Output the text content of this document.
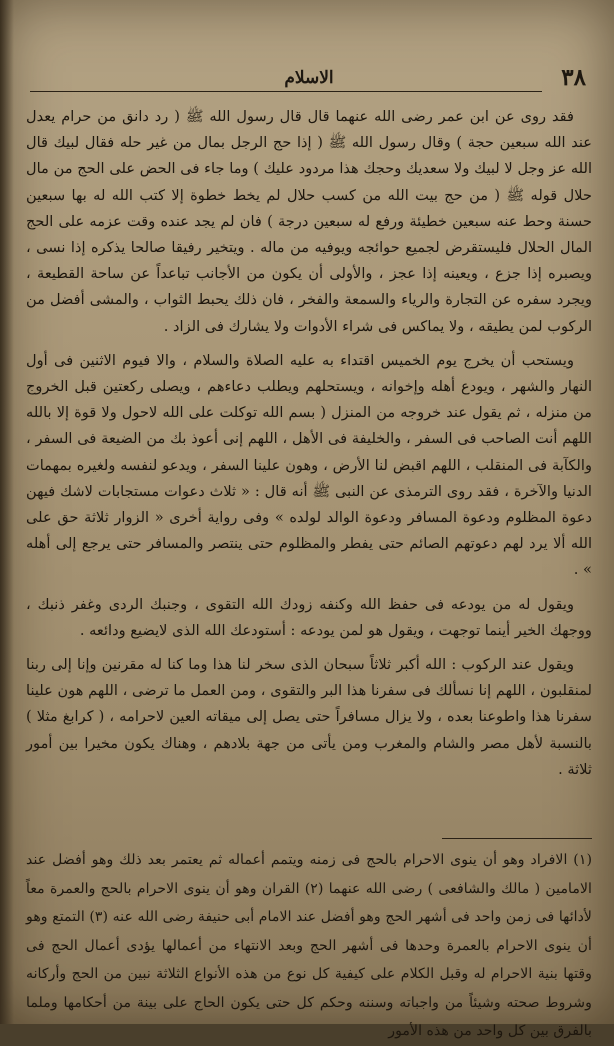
٣٨
الاسلام

فقد روى عن ابن عمر رضى الله عنهما قال قال رسول الله ﷺ ( رد دانق من حرام يعدل عند الله سبعين حجة ) وقال رسول الله ﷺ ( إذا حج الرجل بمال من غير حله فقال لبيك قال الله عز وجل لا لبيك ولا سعديك وحجك هذا مردود عليك ) وما جاء فى الحض على الحج من مال حلال قوله ﷺ ( من حج بيت الله من كسب حلال لم يخط خطوة إلا كتب الله له بها سبعين حسنة وحط عنه سبعين خطيئة ورفع له سبعين درجة ) فان لم يجد عنده وقت عزمه على الحج المال الحلال فليستقرض لجميع حوائجه ويوفيه من ماله . ويتخير رفيقا صالحا يذكره إذا نسى ، ويصبره إذا جزع ، ويعينه إذا عجز ، والأولى أن يكون من الأجانب تباعداً عن ساحة القطيعة ، ويجرد سفره عن التجارة والرياء والسمعة والفخر ، فان ذلك يحبط الثواب ، والمشى أفضل من الركوب لمن يطيقه ، ولا يماكس فى شراء الأدوات ولا يشارك فى الزاد .

ويستحب أن يخرج يوم الخميس اقتداء به عليه الصلاة والسلام ، والا فيوم الاثنين فى أول النهار والشهر ، ويودع أهله وإخوانه ، ويستحلهم ويطلب دعاءهم ، ويصلى ركعتين قبل الخروج من منزله ، ثم يقول عند خروجه من المنزل ( بسم الله توكلت على الله لاحول ولا قوة إلا بالله اللهم أنت الصاحب فى السفر ، والخليفة فى الأهل ، اللهم إنى أعوذ بك من الضيعة فى السفر ، والكآبة فى المنقلب ، اللهم اقبض لنا الأرض ، وهون علينا السفر ، ويدعو لنفسه ولغيره بمهمات الدنيا والآخرة ، فقد روى الترمذى عن النبى ﷺ أنه قال : « ثلاث دعوات مستجابات لاشك فيهن دعوة المظلوم ودعوة المسافر ودعوة الوالد لولده » وفى رواية أخرى « الزوار ثلاثة حق على الله ألا يرد لهم دعوتهم الصائم حتى يفطر والمظلوم حتى ينتصر والمسافر حتى يرجع إلى أهله » .

ويقول له من يودعه فى حفظ الله وكنفه زودك الله التقوى ، وجنبك الردى وغفر ذنبك ، ووجهك الخير أينما توجهت ، ويقول هو لمن يودعه : أستودعك الله الذى لايضيع ودائعه .

ويقول عند الركوب : الله أكبر ثلاثاً سبحان الذى سخر لنا هذا وما كنا له مقرنين وإنا إلى ربنا لمنقلبون ، اللهم إنا نسألك فى سفرنا هذا البر والتقوى ، ومن العمل ما ترضى ، اللهم هون علينا سفرنا هذا واطوعنا بعده ، ولا يزال مسافراً حتى يصل إلى ميقاته العين لاحرامه ، ( كرابغ مثلا ) بالنسبة لأهل مصر والشام والمغرب ومن يأتى من جهة بلادهم ، وهناك يكون مخيرا بين أمور ثلاثة .

(١) الافراد وهو أن ينوى الاحرام بالحج فى زمنه ويتمم أعماله ثم يعتمر بعد ذلك وهو أفضل عند الامامين ( مالك والشافعى ) رضى الله عنهما (٢) القران وهو أن ينوى الاحرام بالحج والعمرة معاً لأدائها فى زمن واحد فى أشهر الحج وهو أفضل عند الامام أبى حنيفة رضى الله عنه (٣) التمتع وهو أن ينوى الاحرام بالعمرة وحدها فى أشهر الحج وبعد الانتهاء من أعمالها يؤدى أعمال الحج فى وقتها بنية الاحرام له وقبل الكلام على كيفية كل نوع من هذه الأنواع الثلاثة نبين من الحج وأركانه وشروط صحته وشيئاً من واجباته وسننه وحكم كل حتى يكون الحاج على بينة من أحكامها وملما بالفرق بين كل واحد من هذه الأمور
